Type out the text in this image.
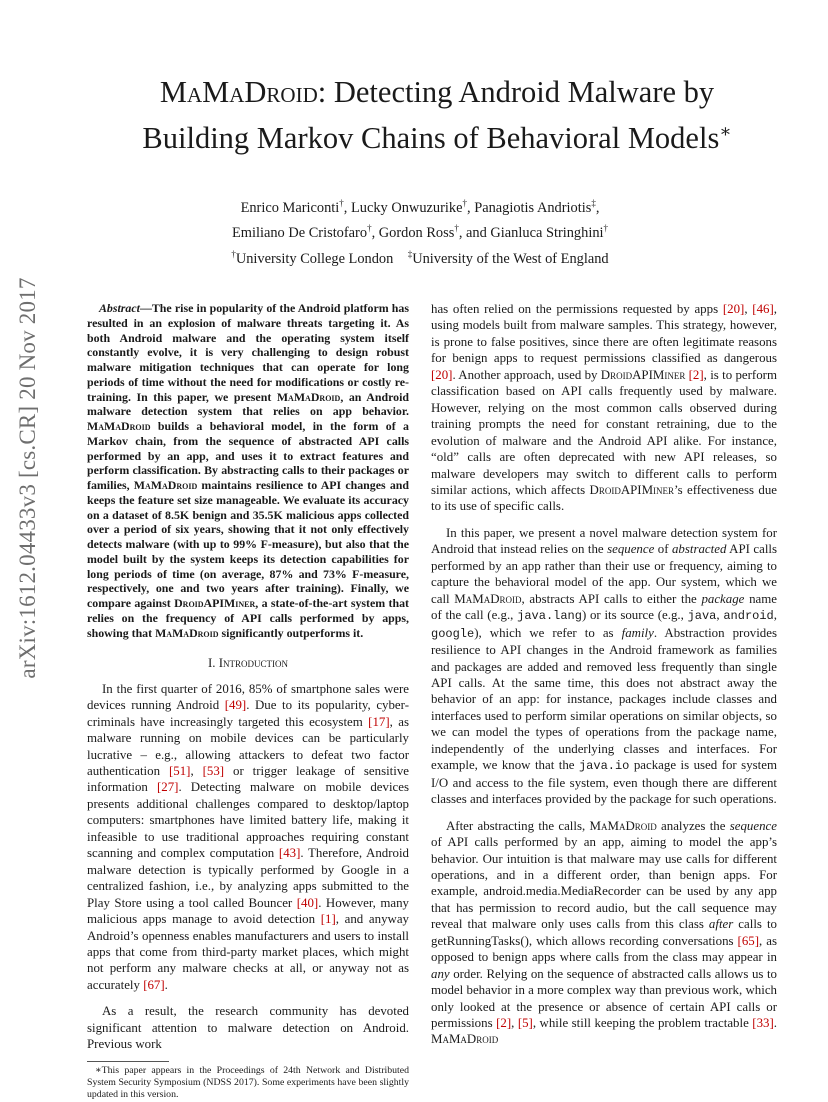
arXiv:1612.04433v3 [cs.CR] 20 Nov 2017
MaMaDroid: Detecting Android Malware by
Building Markov Chains of Behavioral Models∗
Enrico Mariconti†, Lucky Onwuzurike†, Panagiotis Andriotis‡,
Emiliano De Cristofaro†, Gordon Ross†, and Gianluca Stringhini†
†University College London ‡University of the West of England

Abstract—The rise in popularity of the Android platform has resulted in an explosion of malware threats targeting it. As both Android malware and the operating system itself constantly evolve, it is very challenging to design robust malware mitigation techniques that can operate for long periods of time without the need for modifications or costly re-training. In this paper, we present MaMaDroid, an Android malware detection system that relies on app behavior. MaMaDroid builds a behavioral model, in the form of a Markov chain, from the sequence of abstracted API calls performed by an app, and uses it to extract features and perform classification. By abstracting calls to their packages or families, MaMaDroid maintains resilience to API changes and keeps the feature set size manageable. We evaluate its accuracy on a dataset of 8.5K benign and 35.5K malicious apps collected over a period of six years, showing that it not only effectively detects malware (with up to 99% F-measure), but also that the model built by the system keeps its detection capabilities for long periods of time (on average, 87% and 73% F-measure, respectively, one and two years after training). Finally, we compare against DroidAPIMiner, a state-of-the-art system that relies on the frequency of API calls performed by apps, showing that MaMaDroid significantly outperforms it.

I. Introduction

In the first quarter of 2016, 85% of smartphone sales were devices running Android [49]. Due to its popularity, cyber-criminals have increasingly targeted this ecosystem [17], as malware running on mobile devices can be particularly lucrative – e.g., allowing attackers to defeat two factor authentication [51], [53] or trigger leakage of sensitive information [27]. Detecting malware on mobile devices presents additional challenges compared to desktop/laptop computers: smartphones have limited battery life, making it infeasible to use traditional approaches requiring constant scanning and complex computation [43]. Therefore, Android malware detection is typically performed by Google in a centralized fashion, i.e., by analyzing apps submitted to the Play Store using a tool called Bouncer [40]. However, many malicious apps manage to avoid detection [1], and anyway Android’s openness enables manufacturers and users to install apps that come from third-party market places, which might not perform any malware checks at all, or anyway not as accurately [67].

As a result, the research community has devoted significant attention to malware detection on Android. Previous work

∗This paper appears in the Proceedings of 24th Network and Distributed System Security Symposium (NDSS 2017). Some experiments have been slightly updated in this version.

has often relied on the permissions requested by apps [20], [46], using models built from malware samples. This strategy, however, is prone to false positives, since there are often legitimate reasons for benign apps to request permissions classified as dangerous [20]. Another approach, used by DroidAPIMiner [2], is to perform classification based on API calls frequently used by malware. However, relying on the most common calls observed during training prompts the need for constant retraining, due to the evolution of malware and the Android API alike. For instance, “old” calls are often deprecated with new API releases, so malware developers may switch to different calls to perform similar actions, which affects DroidAPIMiner’s effectiveness due to its use of specific calls.

In this paper, we present a novel malware detection system for Android that instead relies on the sequence of abstracted API calls performed by an app rather than their use or frequency, aiming to capture the behavioral model of the app. Our system, which we call MaMaDroid, abstracts API calls to either the package name of the call (e.g., java.lang) or its source (e.g., java, android, google), which we refer to as family. Abstraction provides resilience to API changes in the Android framework as families and packages are added and removed less frequently than single API calls. At the same time, this does not abstract away the behavior of an app: for instance, packages include classes and interfaces used to perform similar operations on similar objects, so we can model the types of operations from the package name, independently of the underlying classes and interfaces. For example, we know that the java.io package is used for system I/O and access to the file system, even though there are different classes and interfaces provided by the package for such operations.

After abstracting the calls, MaMaDroid analyzes the sequence of API calls performed by an app, aiming to model the app’s behavior. Our intuition is that malware may use calls for different operations, and in a different order, than benign apps. For example, android.media.MediaRecorder can be used by any app that has permission to record audio, but the call sequence may reveal that malware only uses calls from this class after calls to getRunningTasks(), which allows recording conversations [65], as opposed to benign apps where calls from the class may appear in any order. Relying on the sequence of abstracted calls allows us to model behavior in a more complex way than previous work, which only looked at the presence or absence of certain API calls or permissions [2], [5], while still keeping the problem tractable [33]. MaMaDroid
